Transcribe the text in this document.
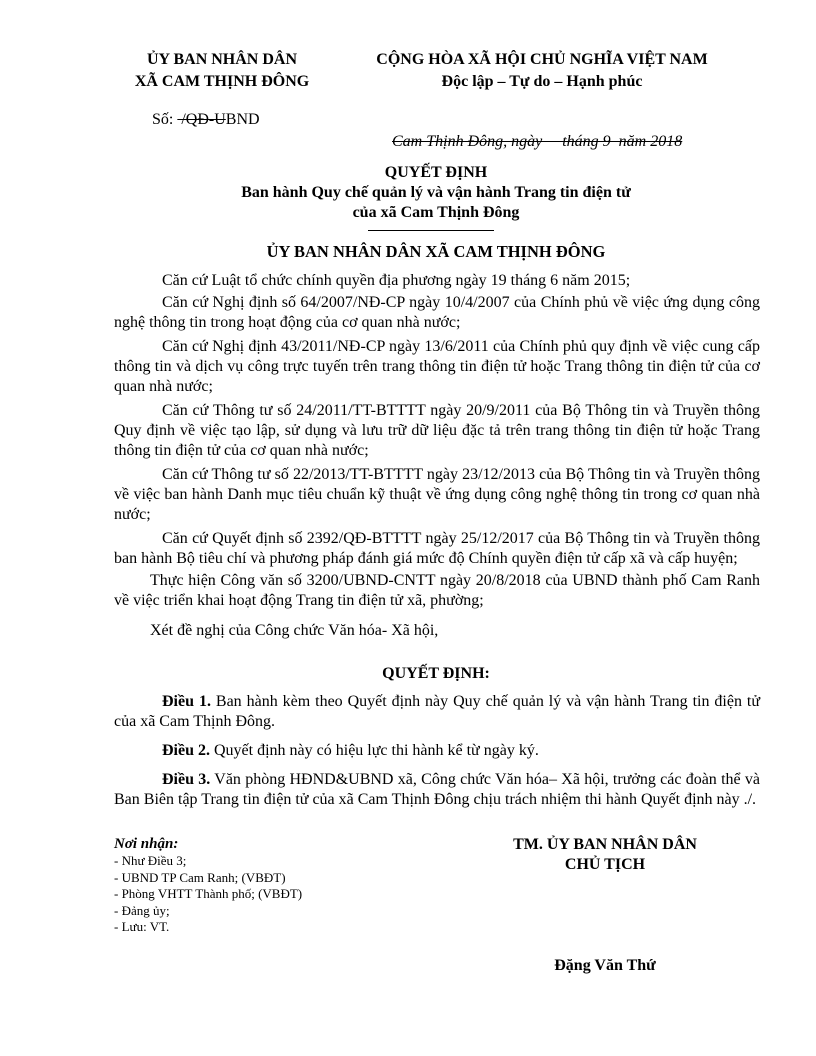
ỦY BAN NHÂN DÂN
XÃ CAM THỊNH ĐÔNG
CỘNG HÒA XÃ HỘI CHỦ NGHĨA VIỆT NAM
Độc lập – Tự do – Hạnh phúc
Số:  /QĐ-UBND

Cam Thịnh Đông, ngày     tháng 9  năm 2018

QUYẾT ĐỊNH
Ban hành Quy chế quản lý và vận hành Trang tin điện tử
của xã Cam Thịnh Đông
ỦY BAN NHÂN DÂN XÃ CAM THỊNH ĐÔNG

Căn cứ Luật tổ chức chính quyền địa phương ngày 19 tháng 6 năm 2015;

Căn cứ Nghị định số 64/2007/NĐ-CP ngày 10/4/2007 của Chính phủ về việc ứng dụng công nghệ thông tin trong hoạt động của cơ quan nhà nước;

Căn cứ Nghị định 43/2011/NĐ-CP ngày 13/6/2011 của Chính phủ quy định về việc cung cấp thông tin và dịch vụ công trực tuyến trên trang thông tin điện tử hoặc Trang thông tin điện tử của cơ quan nhà nước;

Căn cứ Thông tư số 24/2011/TT-BTTTT ngày 20/9/2011 của Bộ Thông tin và Truyền thông Quy định về việc tạo lập, sử dụng và lưu trữ dữ liệu đặc tả trên trang thông tin điện tử hoặc Trang thông tin điện tử của cơ quan nhà nước;

Căn cứ Thông tư số 22/2013/TT-BTTTT ngày 23/12/2013 của Bộ Thông tin và Truyền thông về việc ban hành Danh mục tiêu chuẩn kỹ thuật về ứng dụng công nghệ thông tin trong cơ quan nhà nước;

Căn cứ Quyết định số 2392/QĐ-BTTTT ngày 25/12/2017 của Bộ Thông tin và Truyền thông ban hành Bộ tiêu chí và phương pháp đánh giá mức độ Chính quyền điện tử cấp xã và cấp huyện;

Thực hiện Công văn số 3200/UBND-CNTT ngày 20/8/2018 của UBND thành phố Cam Ranh về việc triển khai hoạt động Trang tin điện tử xã, phường;

Xét đề nghị của Công chức Văn hóa- Xã hội,

QUYẾT ĐỊNH:

Điều 1. Ban hành kèm theo Quyết định này Quy chế quản lý và vận hành Trang tin điện tử của xã Cam Thịnh Đông.

Điều 2. Quyết định này có hiệu lực thi hành kể từ ngày ký.

Điều 3. Văn phòng HĐND&UBND xã, Công chức Văn hóa– Xã hội, trưởng các đoàn thể và Ban Biên tập Trang tin điện tử của xã Cam Thịnh Đông chịu trách nhiệm thi hành Quyết định này ./.

Nơi nhận:
- Như Điều 3;
- UBND TP Cam Ranh; (VBĐT)
- Phòng VHTT Thành phố; (VBĐT)
- Đảng ủy;
- Lưu: VT.
TM. ỦY BAN NHÂN DÂN
CHỦ TỊCH
Đặng Văn Thứ
